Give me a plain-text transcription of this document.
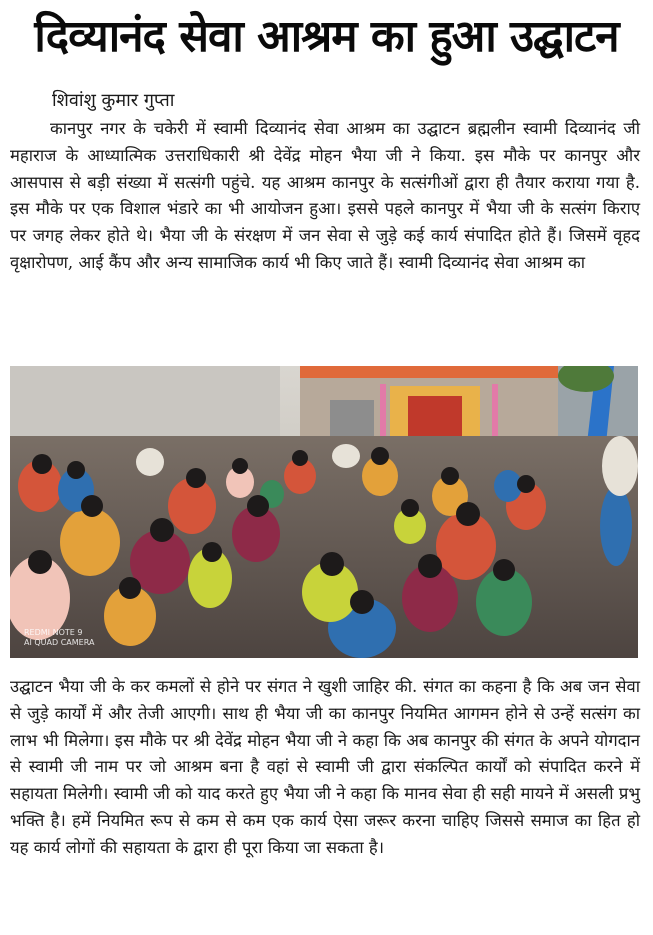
दिव्यानंद सेवा आश्रम का हुआ उद्घाटन
शिवांशु कुमार गुप्ता

कानपुर नगर के चकेरी में स्वामी दिव्यानंद सेवा आश्रम का उद्घाटन ब्रह्मलीन स्वामी दिव्यानंद जी महाराज के आध्यात्मिक उत्तराधिकारी श्री देवेंद्र मोहन भैया जी ने किया. इस मौके पर कानपुर और आसपास से बड़ी संख्या में सत्संगी पहुंचे. यह आश्रम कानपुर के सत्संगीओं द्वारा ही तैयार कराया गया है. इस मौके पर एक विशाल भंडारे का भी आयोजन हुआ। इससे पहले कानपुर में भैया जी के सत्संग किराए पर जगह लेकर होते थे। भैया जी के संरक्षण में जन सेवा से जुड़े कई कार्य संपादित होते हैं। जिसमें वृहद वृक्षारोपण, आई कैंप और अन्य सामाजिक कार्य भी किए जाते हैं। स्वामी दिव्यानंद सेवा आश्रम का

REDMI NOTE 9
AI QUAD CAMERA

उद्घाटन भैया जी के कर कमलों से होने पर संगत ने खुशी जाहिर की. संगत का कहना है कि अब जन सेवा से जुड़े कार्यों में और तेजी आएगी। साथ ही भैया जी का कानपुर नियमित आगमन होने से उन्हें सत्संग का लाभ भी मिलेगा। इस मौके पर श्री देवेंद्र मोहन भैया जी ने कहा कि अब कानपुर की संगत के अपने योगदान से स्वामी जी नाम पर जो आश्रम बना है वहां से स्वामी जी द्वारा संकल्पित कार्यों को संपादित करने में सहायता मिलेगी। स्वामी जी को याद करते हुए भैया जी ने कहा कि मानव सेवा ही सही मायने में असली प्रभु भक्ति है। हमें नियमित रूप से कम से कम एक कार्य ऐसा जरूर करना चाहिए जिससे समाज का हित हो यह कार्य लोगों की सहायता के द्वारा ही पूरा किया जा सकता है।
